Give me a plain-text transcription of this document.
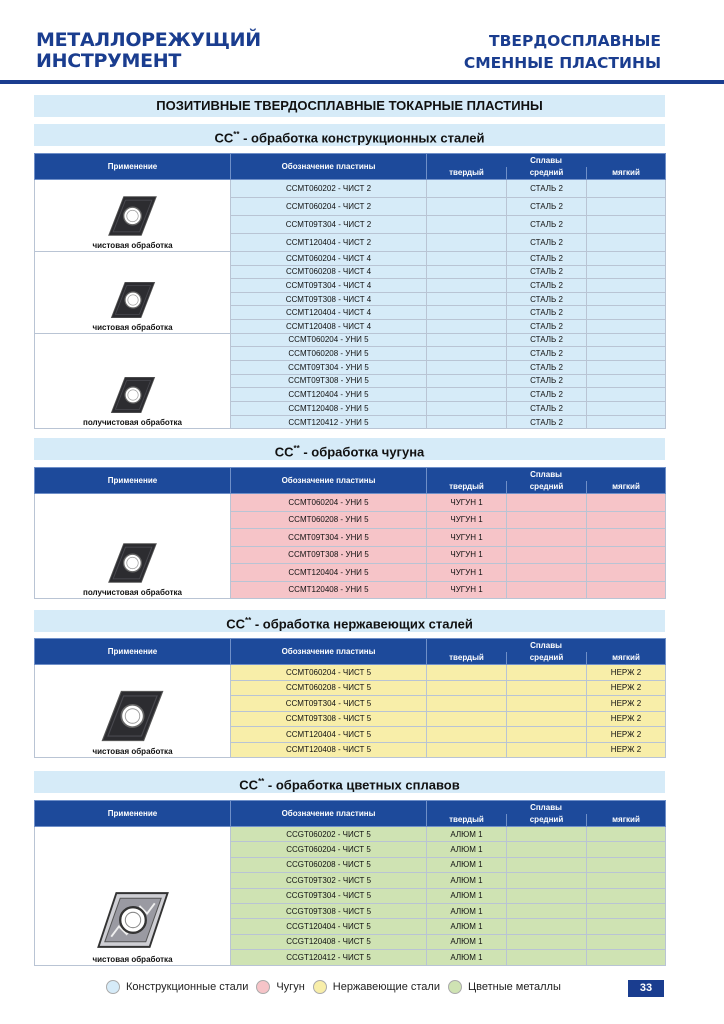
МЕТАЛЛОРЕЖУЩИЙ
ИНСТРУМЕНТ
ТВЕРДОСПЛАВНЫЕ
СМЕННЫЕ ПЛАСТИНЫ
ПОЗИТИВНЫЕ ТВЕРДОСПЛАВНЫЕ ТОКАРНЫЕ ПЛАСТИНЫ
CC** - обработка конструкционных сталей
Применение	Обозначение пластины	Сплавы		
		твердый	средний	мягкий

чистовая обработка	CCMT060202 - ЧИСТ 2		СТАЛЬ 2	
	CCMT060204 - ЧИСТ 2		СТАЛЬ 2	
	CCMT09T304 - ЧИСТ 2		СТАЛЬ 2	
	CCMT120404 - ЧИСТ 2		СТАЛЬ 2	

чистовая обработка	CCMT060204 - ЧИСТ 4		СТАЛЬ 2	
	CCMT060208 - ЧИСТ 4		СТАЛЬ 2	
	CCMT09T304 - ЧИСТ 4		СТАЛЬ 2	
	CCMT09T308 - ЧИСТ 4		СТАЛЬ 2	
	CCMT120404 - ЧИСТ 4		СТАЛЬ 2	
	CCMT120408 - ЧИСТ 4		СТАЛЬ 2	

получистовая обработка	CCMT060204 - УНИ 5		СТАЛЬ 2	
	CCMT060208 - УНИ 5		СТАЛЬ 2	
	CCMT09T304 - УНИ 5		СТАЛЬ 2	
	CCMT09T308 - УНИ 5		СТАЛЬ 2	
	CCMT120404 - УНИ 5		СТАЛЬ 2	
	CCMT120408 - УНИ 5		СТАЛЬ 2	
	CCMT120412 - УНИ 5		СТАЛЬ 2	
CC** - обработка чугуна
Применение	Обозначение пластины	Сплавы		
		твердый	средний	мягкий

получистовая обработка	CCMT060204 - УНИ 5	ЧУГУН 1		
	CCMT060208 - УНИ 5	ЧУГУН 1		
	CCMT09T304 - УНИ 5	ЧУГУН 1		
	CCMT09T308 - УНИ 5	ЧУГУН 1		
	CCMT120404 - УНИ 5	ЧУГУН 1		
	CCMT120408 - УНИ 5	ЧУГУН 1		
CC** - обработка нержавеющих сталей
Применение	Обозначение пластины	Сплавы		
		твердый	средний	мягкий

чистовая обработка	CCMT060204 - ЧИСТ 5			НЕРЖ 2
	CCMT060208 - ЧИСТ 5			НЕРЖ 2
	CCMT09T304 - ЧИСТ 5			НЕРЖ 2
	CCMT09T308 - ЧИСТ 5			НЕРЖ 2
	CCMT120404 - ЧИСТ 5			НЕРЖ 2
	CCMT120408 - ЧИСТ 5			НЕРЖ 2
CC** - обработка цветных сплавов
Применение	Обозначение пластины	Сплавы		
		твердый	средний	мягкий

чистовая обработка	CCGT060202 - ЧИСТ 5	АЛЮМ 1		
	CCGT060204 - ЧИСТ 5	АЛЮМ 1		
	CCGT060208 - ЧИСТ 5	АЛЮМ 1		
	CCGT09T302 - ЧИСТ 5	АЛЮМ 1		
	CCGT09T304 - ЧИСТ 5	АЛЮМ 1		
	CCGT09T308 - ЧИСТ 5	АЛЮМ 1		
	CCGT120404 - ЧИСТ 5	АЛЮМ 1		
	CCGT120408 - ЧИСТ 5	АЛЮМ 1		
	CCGT120412 - ЧИСТ 5	АЛЮМ 1		
Конструкционные стали	Чугун	Нержавеющие стали	Цветные металлы	33
